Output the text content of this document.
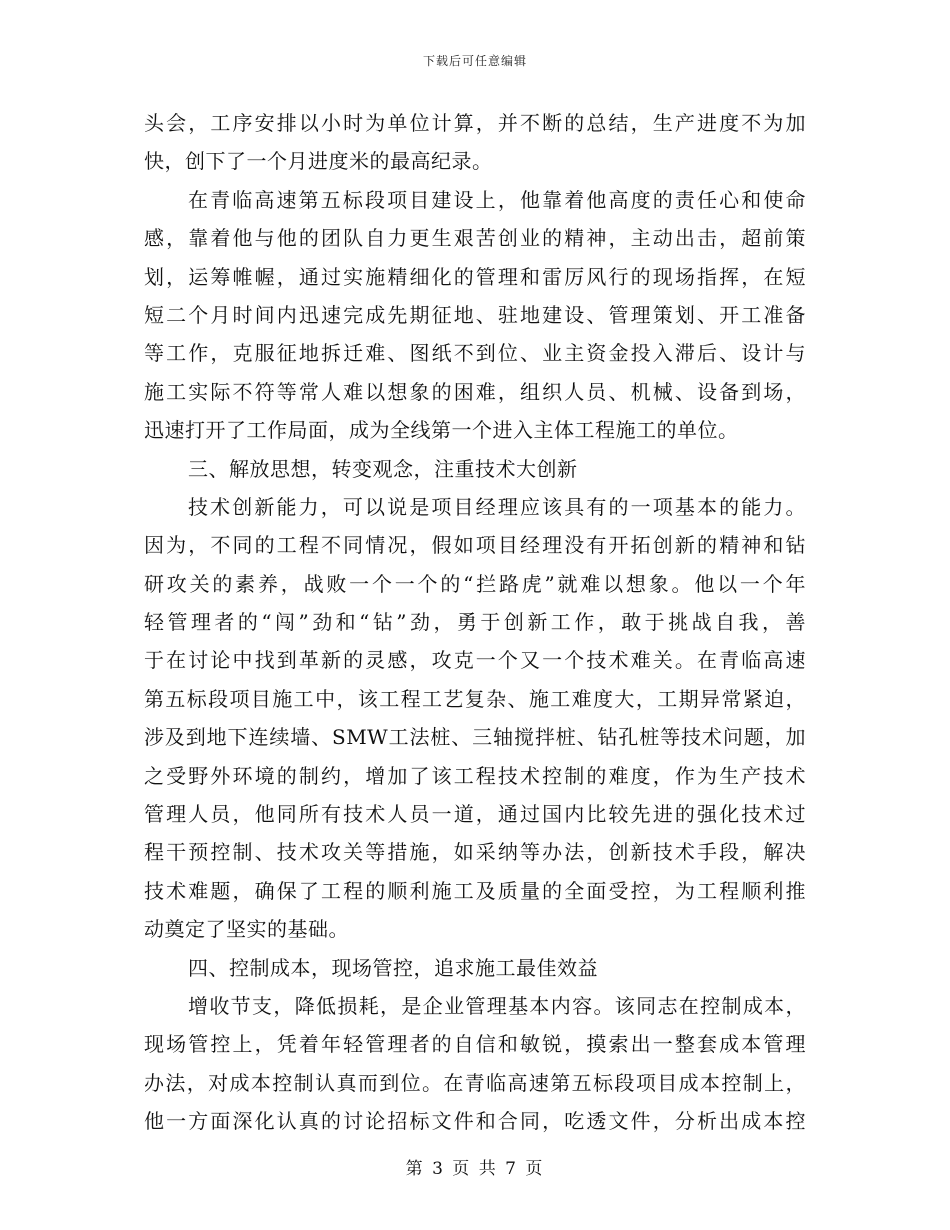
下载后可任意编辑
头会，工序安排以小时为单位计算，并不断的总结，生产进度不为加
快，创下了一个月进度米的最高纪录。
在青临高速第五标段项目建设上，他靠着他高度的责任心和使命
感，靠着他与他的团队自力更生艰苦创业的精神，主动出击，超前策
划，运筹帷幄，通过实施精细化的管理和雷厉风行的现场指挥，在短
短二个月时间内迅速完成先期征地、驻地建设、管理策划、开工准备
等工作，克服征地拆迁难、图纸不到位、业主资金投入滞后、设计与
施工实际不符等常人难以想象的困难，组织人员、机械、设备到场，
迅速打开了工作局面，成为全线第一个进入主体工程施工的单位。
三、解放思想，转变观念，注重技术大创新
技术创新能力，可以说是项目经理应该具有的一项基本的能力。
因为，不同的工程不同情况，假如项目经理没有开拓创新的精神和钻
研攻关的素养，战败一个一个的“拦路虎”就难以想象。他以一个年
轻管理者的“闯”劲和“钻”劲，勇于创新工作，敢于挑战自我，善
于在讨论中找到革新的灵感，攻克一个又一个技术难关。在青临高速
第五标段项目施工中，该工程工艺复杂、施工难度大，工期异常紧迫，
涉及到地下连续墙、SMW工法桩、三轴搅拌桩、钻孔桩等技术问题，加
之受野外环境的制约，增加了该工程技术控制的难度，作为生产技术
管理人员，他同所有技术人员一道，通过国内比较先进的强化技术过
程干预控制、技术攻关等措施，如采纳等办法，创新技术手段，解决
技术难题，确保了工程的顺利施工及质量的全面受控，为工程顺利推
动奠定了坚实的基础。
四、控制成本，现场管控，追求施工最佳效益
增收节支，降低损耗，是企业管理基本内容。该同志在控制成本，
现场管控上，凭着年轻管理者的自信和敏锐，摸索出一整套成本管理
办法，对成本控制认真而到位。在青临高速第五标段项目成本控制上，
他一方面深化认真的讨论招标文件和合同，吃透文件，分析出成本控
第 3 页 共 7 页
